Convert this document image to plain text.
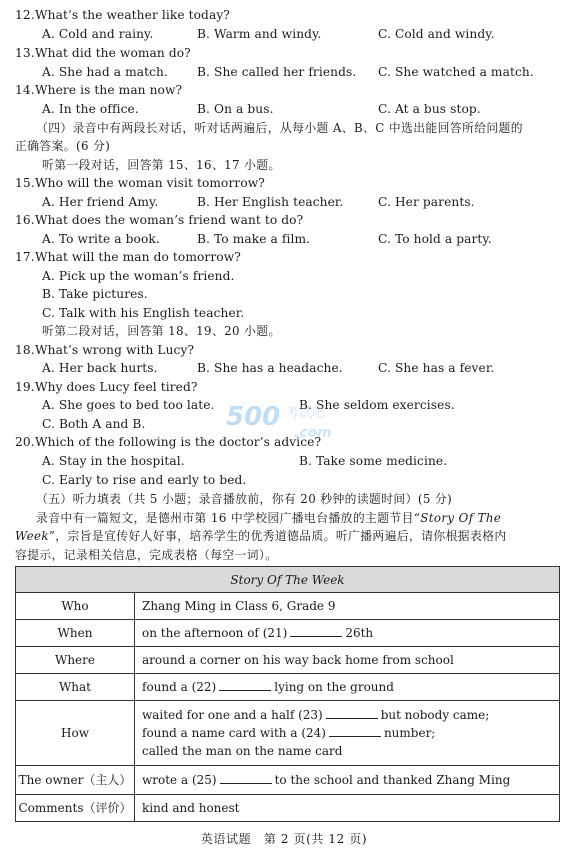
12. What’s the weather like today?
A. Cold and rainy.	B. Warm and windy.	C. Cold and windy.
13. What did the woman do?
A. She had a match. B. She called her friends. C. She watched a match.
14. Where is the man now?
A. In the office.	B. On a bus.	C. At a bus stop.
（四）录音中有两段长对话，听对话两遍后，从每小题 A、B、C 中选出能回答所给问题的
正确答案。(6 分)
听第一段对话，回答第 15、16、17 小题。
15. Who will the woman visit tomorrow?
A. Her friend Amy.	B. Her English teacher.	C. Her parents.
16. What does the woman’s friend want to do?
A. To write a book.	B. To make a film.	C. To hold a party.
17. What will the man do tomorrow?
A. Pick up the woman’s friend.
B. Take pictures.
C. Talk with his English teacher.
听第二段对话，回答第 18、19、20 小题。
18. What’s wrong with Lucy?
A. Her back hurts.	B. She has a headache.	C. She has a fever.
19. Why does Lucy feel tired?
A. She goes to bed too late.	B. She seldom exercises.
C. Both A and B.
20. Which of the following is the doctor’s advice?
A. Stay in the hospital.	B. Take some medicine.
C. Early to rise and early to bed.
（五）听力填表（共 5 小题；录音播放前，你有 20 秒钟的读题时间）(5 分)
录音中有一篇短文，是德州市第 16 中学校园广播电台播放的主题节目“Story Of The
Week”，宗旨是宣传好人好事，培养学生的优秀道德品质。听广播两遍后，请你根据表格内
容提示，记录相关信息，完成表格（每空一词）。
500 考试吧
.com
Story Of The Week	
Who	Zhang Ming in Class 6, Grade 9
When	on the afternoon of (21) 26th
Where	around a corner on his way back home from school
What	found a (22) lying on the ground
How	waited for one and a half (23) but nobody came;
found a name card with a (24) number;
called the man on the name card

The owner（主人）	wrote a (25) to the school and thanked Zhang Ming
Comments（评价）	kind and honest
英语试题　第 2 页(共 12 页)
